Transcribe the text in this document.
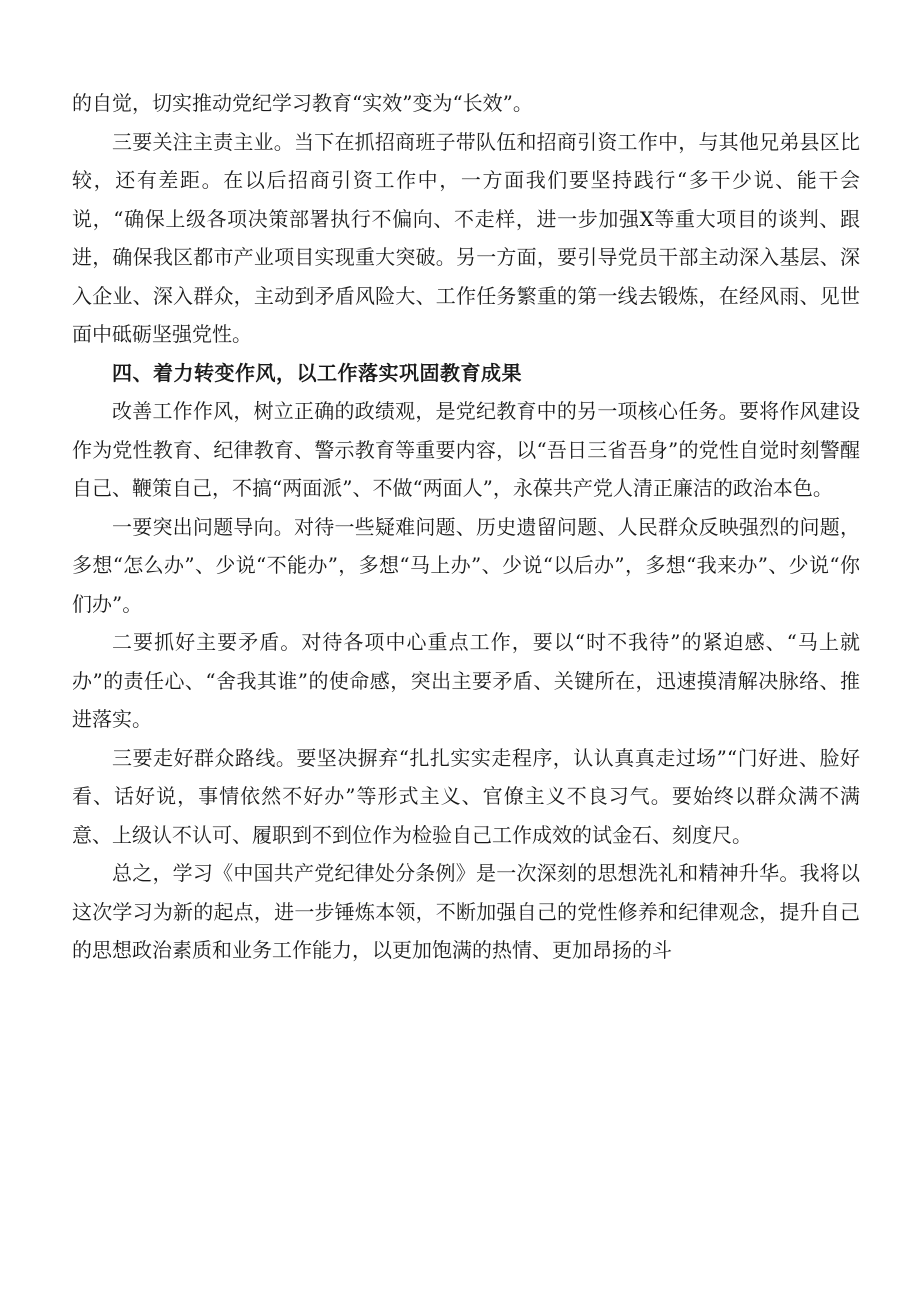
的自觉，切实推动党纪学习教育“实效”变为“长效”。

三要关注主责主业。当下在抓招商班子带队伍和招商引资工作中，与其他兄弟县区比较，还有差距。在以后招商引资工作中，一方面我们要坚持践行“多干少说、能干会说，“确保上级各项决策部署执行不偏向、不走样，进一步加强X等重大项目的谈判、跟进，确保我区都市产业项目实现重大突破。另一方面，要引导党员干部主动深入基层、深入企业、深入群众，主动到矛盾风险大、工作任务繁重的第一线去锻炼，在经风雨、见世面中砥砺坚强党性。

四、着力转变作风，以工作落实巩固教育成果

改善工作作风，树立正确的政绩观，是党纪教育中的另一项核心任务。要将作风建设作为党性教育、纪律教育、警示教育等重要内容，以“吾日三省吾身”的党性自觉时刻警醒自己、鞭策自己，不搞“两面派”、不做“两面人”，永葆共产党人清正廉洁的政治本色。

一要突出问题导向。对待一些疑难问题、历史遗留问题、人民群众反映强烈的问题，多想“怎么办”、少说“不能办”，多想“马上办”、少说“以后办”，多想“我来办”、少说“你们办”。

二要抓好主要矛盾。对待各项中心重点工作，要以“时不我待”的紧迫感、“马上就办”的责任心、“舍我其谁”的使命感，突出主要矛盾、关键所在，迅速摸清解决脉络、推进落实。

三要走好群众路线。要坚决摒弃“扎扎实实走程序，认认真真走过场”“门好进、脸好看、话好说，事情依然不好办”等形式主义、官僚主义不良习气。要始终以群众满不满意、上级认不认可、履职到不到位作为检验自己工作成效的试金石、刻度尺。

总之，学习《中国共产党纪律处分条例》是一次深刻的思想洗礼和精神升华。我将以这次学习为新的起点，进一步锤炼本领，不断加强自己的党性修养和纪律观念，提升自己的思想政治素质和业务工作能力，以更加饱满的热情、更加昂扬的斗
